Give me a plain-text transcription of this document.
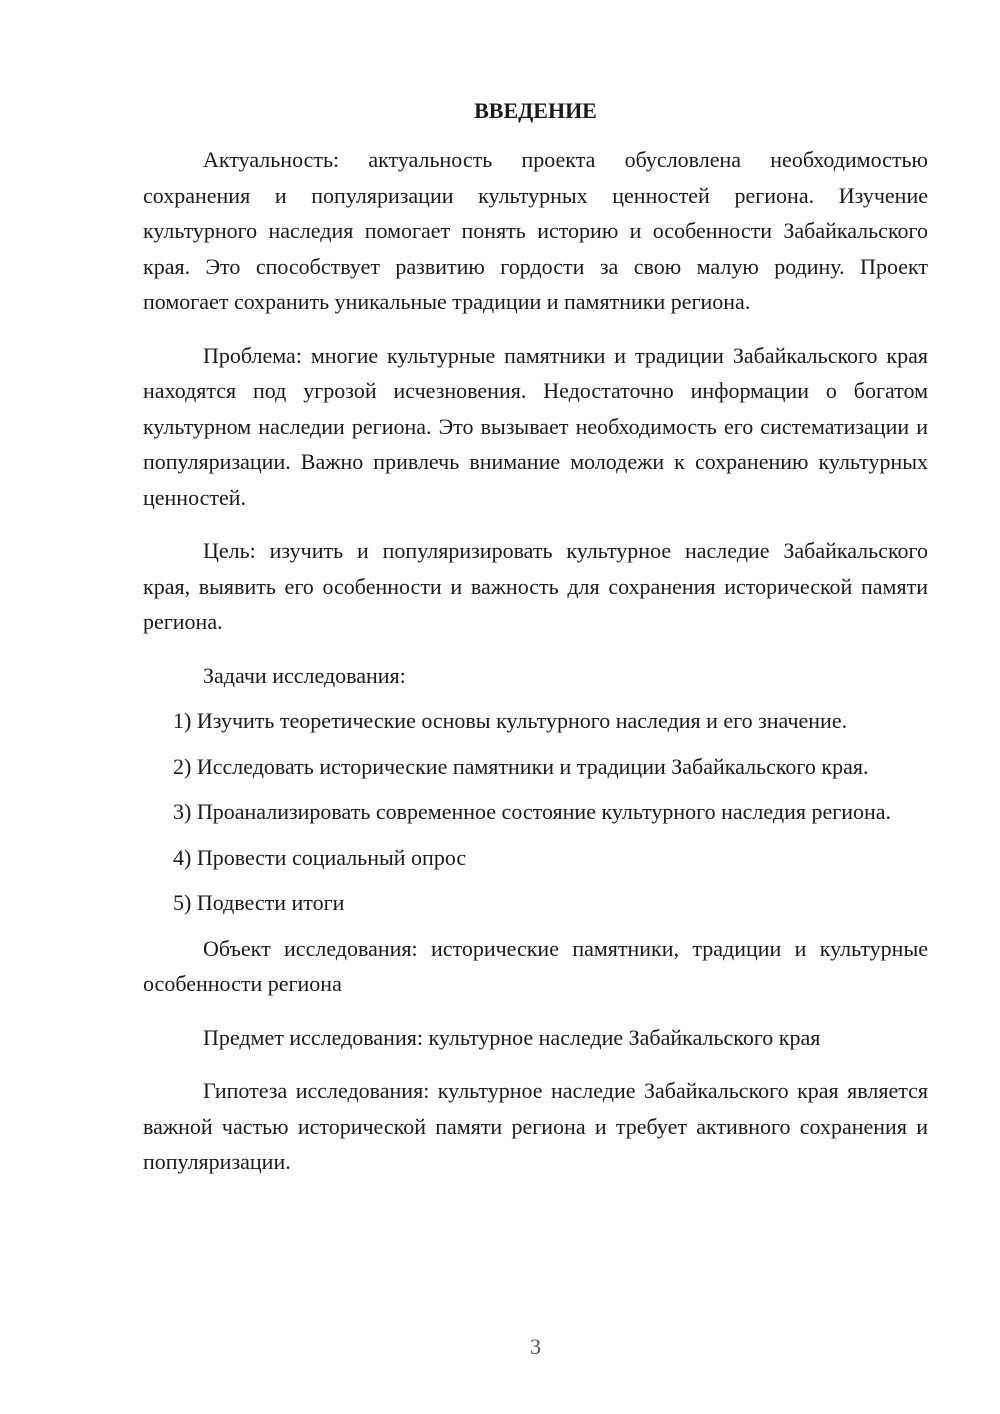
ВВЕДЕНИЕ

Актуальность: актуальность проекта обусловлена необходимостью сохранения и популяризации культурных ценностей региона. Изучение культурного наследия помогает понять историю и особенности Забайкальского края. Это способствует развитию гордости за свою малую родину. Проект помогает сохранить уникальные традиции и памятники региона.

Проблема: многие культурные памятники и традиции Забайкальского края находятся под угрозой исчезновения. Недостаточно информации о богатом культурном наследии региона. Это вызывает необходимость его систематизации и популяризации. Важно привлечь внимание молодежи к сохранению культурных ценностей.

Цель: изучить и популяризировать культурное наследие Забайкальского края, выявить его особенности и важность для сохранения исторической памяти региона.

Задачи исследования:

1) Изучить теоретические основы культурного наследия и его значение.

2) Исследовать исторические памятники и традиции Забайкальского края.

3) Проанализировать современное состояние культурного наследия региона.

4) Провести социальный опрос

5) Подвести итоги

Объект исследования: исторические памятники, традиции и культурные особенности региона

Предмет исследования: культурное наследие Забайкальского края

Гипотеза исследования: культурное наследие Забайкальского края является важной частью исторической памяти региона и требует активного сохранения и популяризации.

3
